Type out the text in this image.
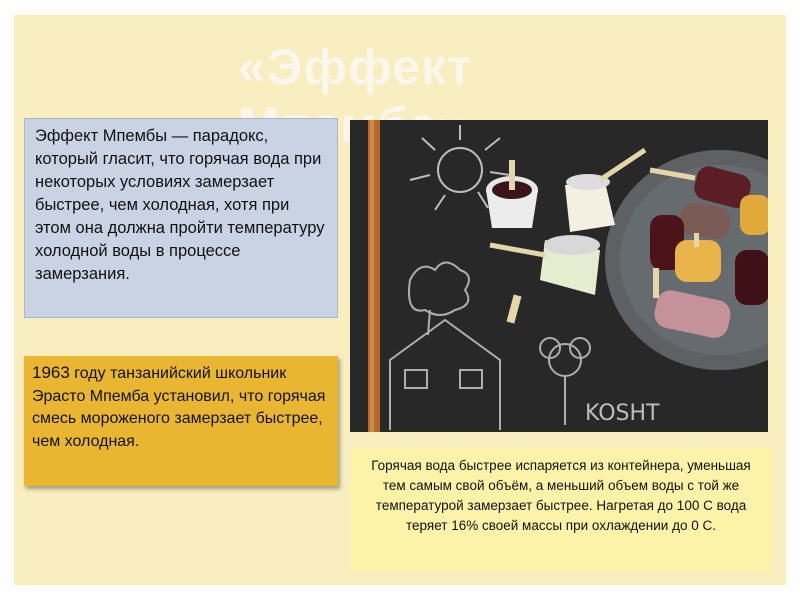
«Эффект
KOSHT
Эффект Мпембы — парадокс, который гласит, что горячая вода при некоторых условиях замерзает быстрее, чем холодная, хотя при этом она должна пройти температуру холодной воды в процессе замерзания.
1963 году танзанийский школьник Эрасто Мпемба установил, что горячая смесь мороженого замерзает быстрее, чем холодная.
Горячая вода быстрее испаряется из контейнера, уменьшая тем самым свой объём, а меньший объем воды с той же температурой замерзает быстрее. Нагретая до 100 С вода теряет 16% своей массы при охлаждении до 0 С.
